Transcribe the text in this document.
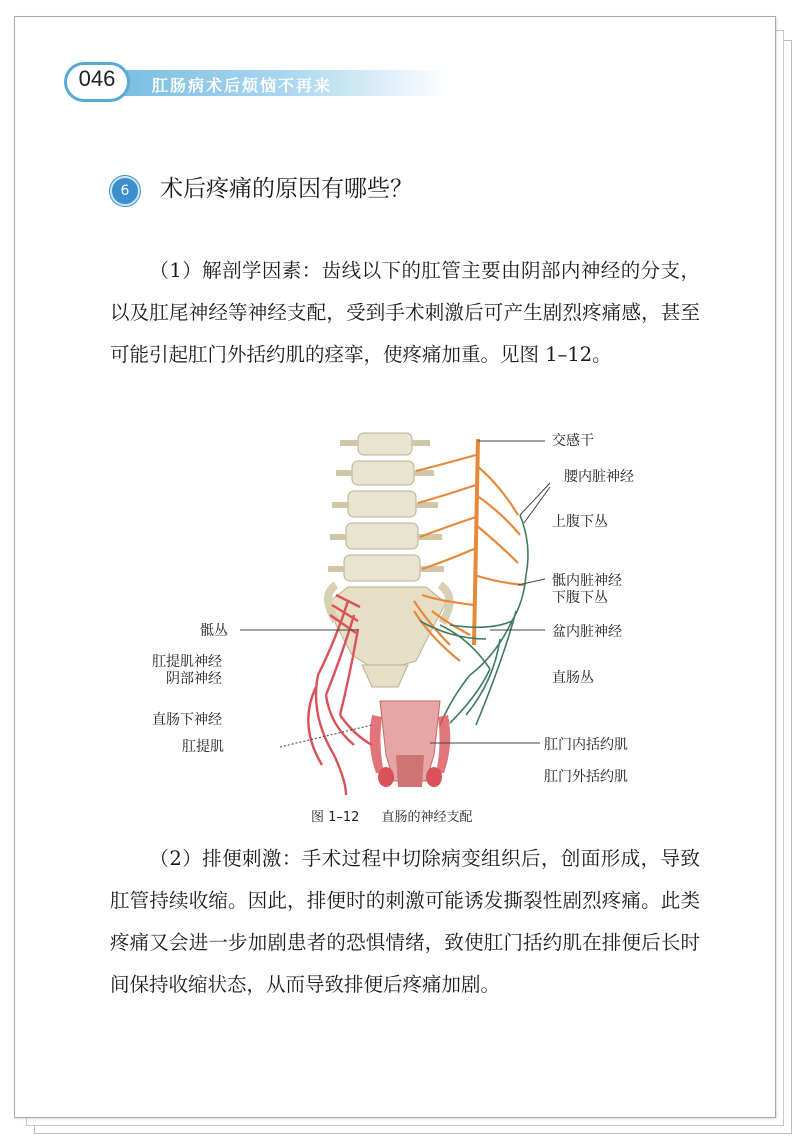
046	肛肠病术后烦恼不再来
6	术后疼痛的原因有哪些？
（1）解剖学因素：齿线以下的肛管主要由阴部内神经的分支，以及肛尾神经等神经支配，受到手术刺激后可产生剧烈疼痛感，甚至可能引起肛门外括约肌的痉挛，使疼痛加重。见图 1–12。
交感干
腰内脏神经
上腹下丛
骶内脏神经
下腹下丛
骶丛	盆内脏神经
肛提肌神经
阴部神经	直肠丛
直肠下神经
肛提肌	肛门内括约肌
肛门外括约肌
图 1–12 直肠的神经支配
（2）排便刺激：手术过程中切除病变组织后，创面形成，导致肛管持续收缩。因此，排便时的刺激可能诱发撕裂性剧烈疼痛。此类疼痛又会进一步加剧患者的恐惧情绪，致使肛门括约肌在排便后长时间保持收缩状态，从而导致排便后疼痛加剧。
